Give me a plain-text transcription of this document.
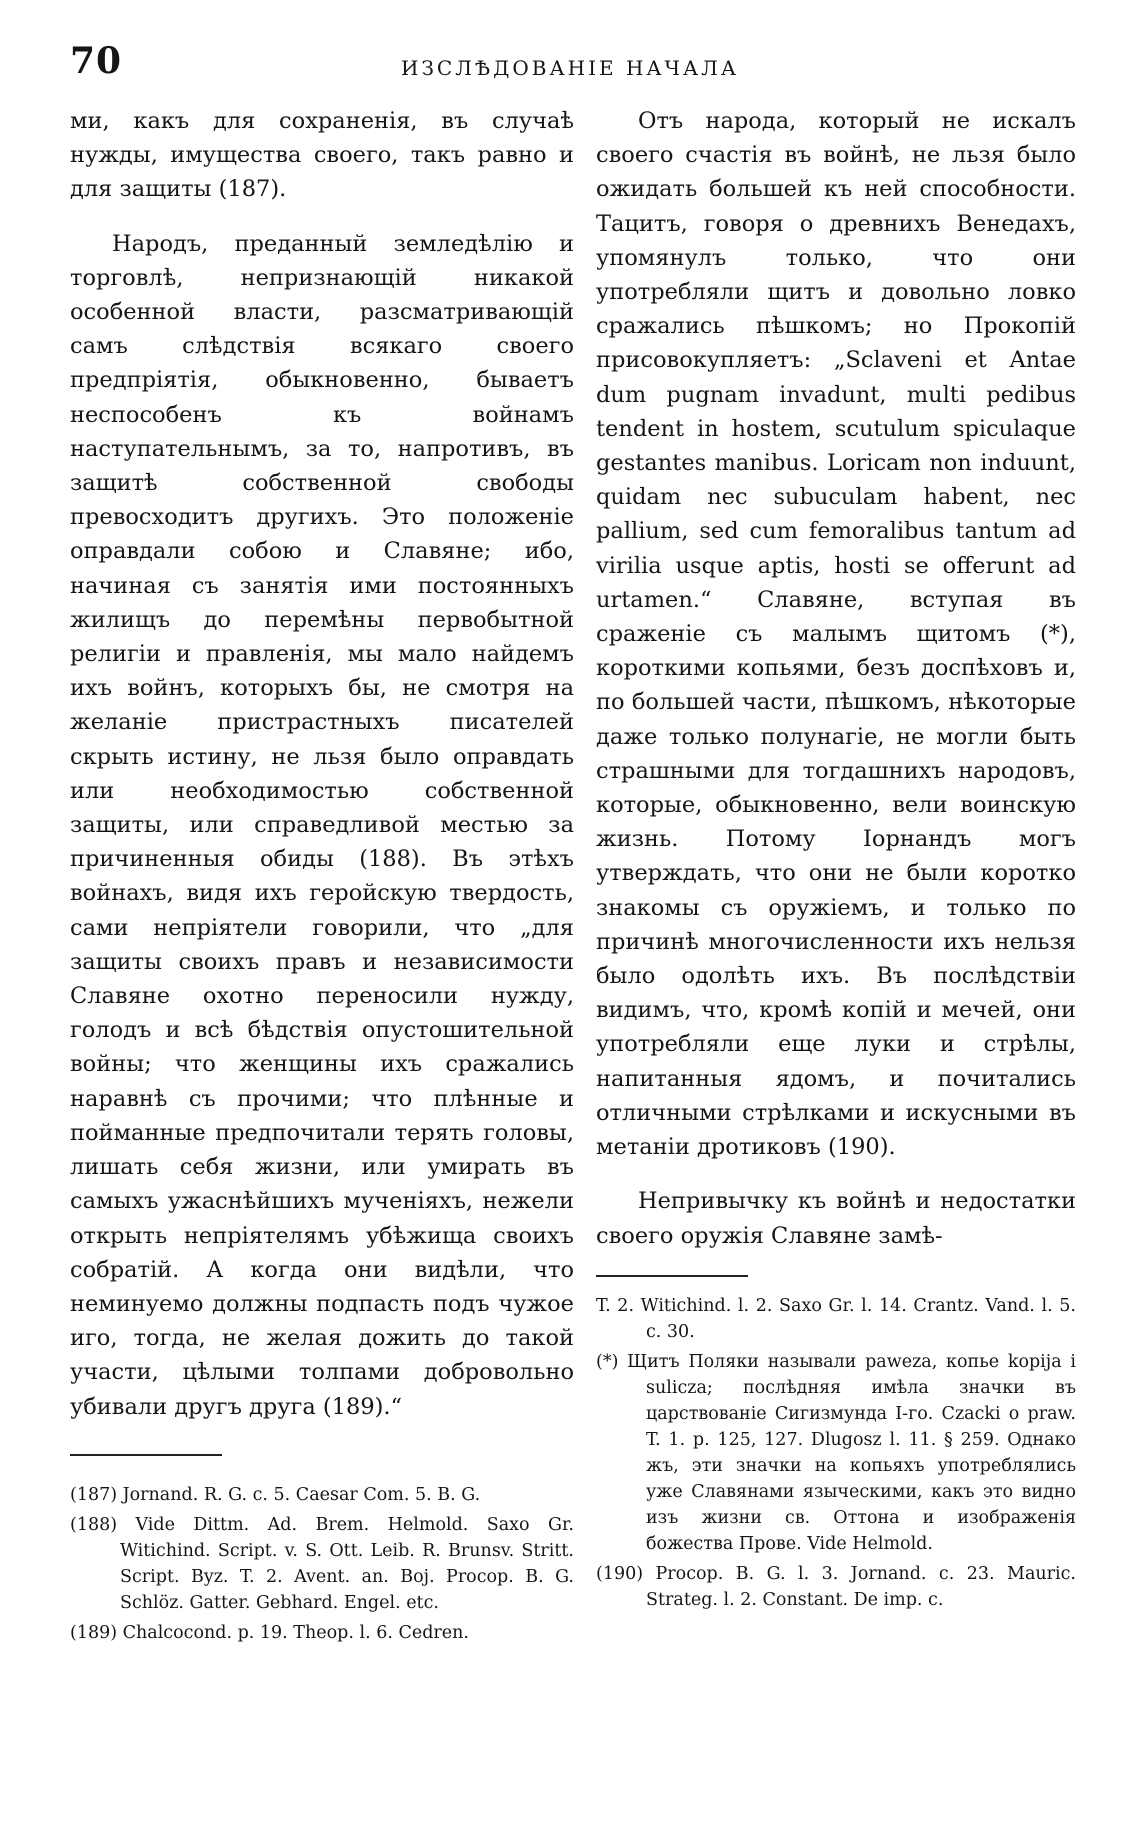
70	ИЗСЛѢДОВАНІЕ НАЧАЛА

ми, какъ для сохраненія, въ случаѣ нужды, имущества своего, такъ равно и для защиты (187).

Народъ, преданный земледѣлію и торговлѣ, непризнающій никакой особенной власти, разсматривающій самъ слѣдствія всякаго своего предпріятія, обыкновенно, бываетъ неспособенъ къ войнамъ наступательнымъ, за то, напротивъ, въ защитѣ собственной свободы превосходитъ другихъ. Это положеніе оправдали собою и Славяне; ибо, начиная съ занятія ими постоянныхъ жилищъ до перемѣны первобытной религіи и правленія, мы мало найдемъ ихъ войнъ, которыхъ бы, не смотря на желаніе пристрастныхъ писателей скрыть истину, не льзя было оправдать или необходимостью собственной защиты, или справедливой местью за причиненныя обиды (188). Въ этѣхъ войнахъ, видя ихъ геройскую твердость, сами непріятели говорили, что „для защиты своихъ правъ и независимости Славяне охотно переносили нужду, голодъ и всѣ бѣдствія опустошительной войны; что женщины ихъ сражались наравнѣ съ прочими; что плѣнные и пойманные предпочитали терять головы, лишать себя жизни, или умирать въ самыхъ ужаснѣйшихъ мученіяхъ, нежели открыть непріятелямъ убѣжища своихъ собратій. А когда они видѣли, что неминуемо должны подпасть подъ чужое иго, тогда, не желая дожить до такой участи, цѣлыми толпами добровольно убивали другъ друга (189).“

(187) Jornand. R. G. c. 5. Caesar Com. 5. B. G.
(188) Vide Dittm. Ad. Brem. Helmold. Saxo Gr. Witichind. Script. v. S. Ott. Leib. R. Brunsv. Stritt. Script. Byz. T. 2. Avent. an. Boj. Procop. B. G. Schlöz. Gatter. Gebhard. Engel. etc.
(189) Chalcocond. p. 19. Theop. l. 6. Cedren.

Отъ народа, который не искалъ своего счастія въ войнѣ, не льзя было ожидать большей къ ней способности. Тацитъ, говоря о древнихъ Венедахъ, упомянулъ только, что они употребляли щитъ и довольно ловко сражались пѣшкомъ; но Прокопій присовокупляетъ: „Sclaveni et Antae dum pugnam invadunt, multi pedibus tendent in hostem, scutulum spiculaque gestantes manibus. Loricam non induunt, quidam nec subuculam habent, nec pallium, sed cum femoralibus tantum ad virilia usque aptis, hosti se offerunt ad urtamen.“ Славяне, вступая въ сраженіе съ малымъ щитомъ (*), короткими копьями, безъ доспѣховъ и, по большей части, пѣшкомъ, нѣкоторые даже только полунагіе, не могли быть страшными для тогдашнихъ народовъ, которые, обыкновенно, вели воинскую жизнь. Потому Іорнандъ могъ утверждать, что они не были коротко знакомы съ оружіемъ, и только по причинѣ многочисленности ихъ нельзя было одолѣть ихъ. Въ послѣдствіи видимъ, что, кромѣ копій и мечей, они употребляли еще луки и стрѣлы, напитанныя ядомъ, и почитались отличными стрѣлками и искусными въ метаніи дротиковъ (190).

Непривычку къ войнѣ и недостатки своего оружія Славяне замѣ-

T. 2. Witichind. l. 2. Saxo Gr. l. 14. Crantz. Vand. l. 5. c. 30.
(*) Щитъ Поляки называли paweza, копье kopija i sulicza; послѣдняя имѣла значки въ царствованіе Сигизмунда I-го. Czacki o praw. T. 1. p. 125, 127. Dlugosz l. 11. § 259. Однако жъ, эти значки на копьяхъ употреблялись уже Славянами языческими, какъ это видно изъ жизни св. Оттона и изображенія божества Прове. Vide Helmold.
(190) Procop. B. G. l. 3. Jornand. c. 23. Mauric. Strateg. l. 2. Constant. De imp. c.
